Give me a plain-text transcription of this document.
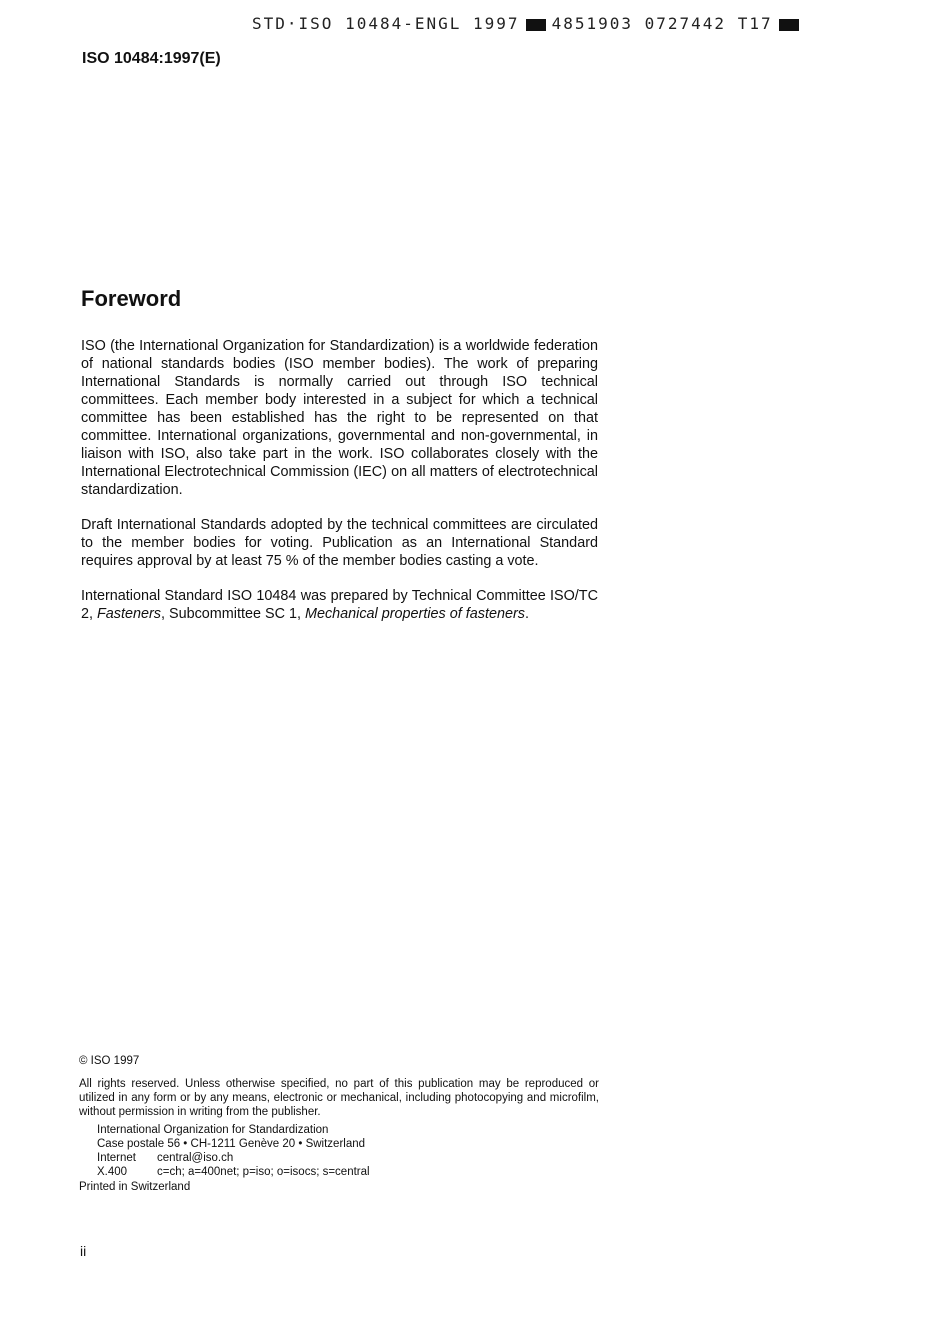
STD·ISO 10484-ENGL 1997 4851903 0727442 T17
ISO 10484:1997(E)
Foreword

ISO (the International Organization for Standardization) is a worldwide federation of national standards bodies (ISO member bodies). The work of preparing International Standards is normally carried out through ISO technical committees. Each member body interested in a subject for which a technical committee has been established has the right to be represented on that committee. International organizations, governmental and non-governmental, in liaison with ISO, also take part in the work. ISO collaborates closely with the International Electrotechnical Commission (IEC) on all matters of electrotechnical standardization.

Draft International Standards adopted by the technical committees are circulated to the member bodies for voting. Publication as an International Standard requires approval by at least 75 % of the member bodies casting a vote.

International Standard ISO 10484 was prepared by Technical Committee ISO/TC 2, Fasteners, Subcommittee SC 1, Mechanical properties of fasteners.

© ISO 1997
All rights reserved. Unless otherwise specified, no part of this publication may be reproduced or utilized in any form or by any means, electronic or mechanical, including photocopying and microfilm, without permission in writing from the publisher.
International Organization for Standardization
Case postale 56 • CH-1211 Genève 20 • Switzerland
Internet	central@iso.ch
X.400	c=ch; a=400net; p=iso; o=isocs; s=central
Printed in Switzerland
ii
